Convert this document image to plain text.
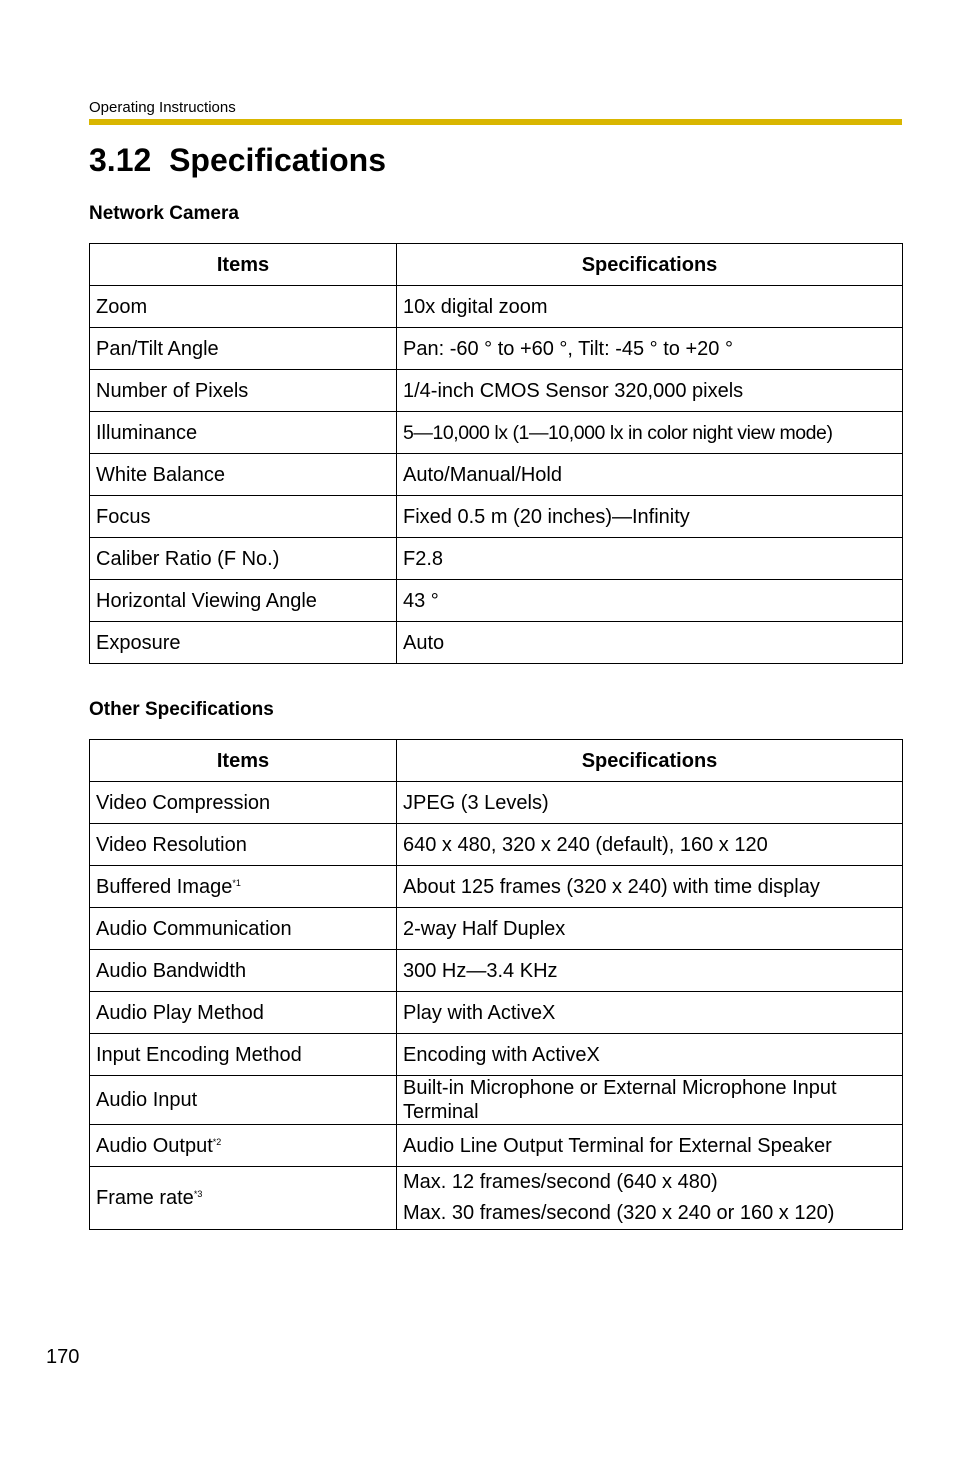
Operating Instructions
3.12 Specifications
Network Camera
Items	Specifications
Zoom	10x digital zoom
Pan/Tilt Angle	Pan: -60 ° to +60 °, Tilt: -45 ° to +20 °
Number of Pixels	1/4-inch CMOS Sensor 320,000 pixels
Illuminance	5—10,000 lx (1—10,000 lx in color night view mode)
White Balance	Auto/Manual/Hold
Focus	Fixed 0.5 m (20 inches)—Infinity
Caliber Ratio (F No.)	F2.8
Horizontal Viewing Angle	43 °
Exposure	Auto
Other Specifications
Items	Specifications
Video Compression	JPEG (3 Levels)
Video Resolution	640 x 480, 320 x 240 (default), 160 x 120
Buffered Image$^{*1}$	About 125 frames (320 x 240) with time display
Audio Communication	2-way Half Duplex
Audio Bandwidth	300 Hz—3.4 KHz
Audio Play Method	Play with ActiveX
Input Encoding Method	Encoding with ActiveX
Audio Input	Built-in Microphone or External Microphone Input Terminal
Audio Output$^{*2}$	Audio Line Output Terminal for External Speaker
Frame rate$^{*3}$	Max. 12 frames/second (640 x 480)
Max. 30 frames/second (320 x 240 or 160 x 120)
170
